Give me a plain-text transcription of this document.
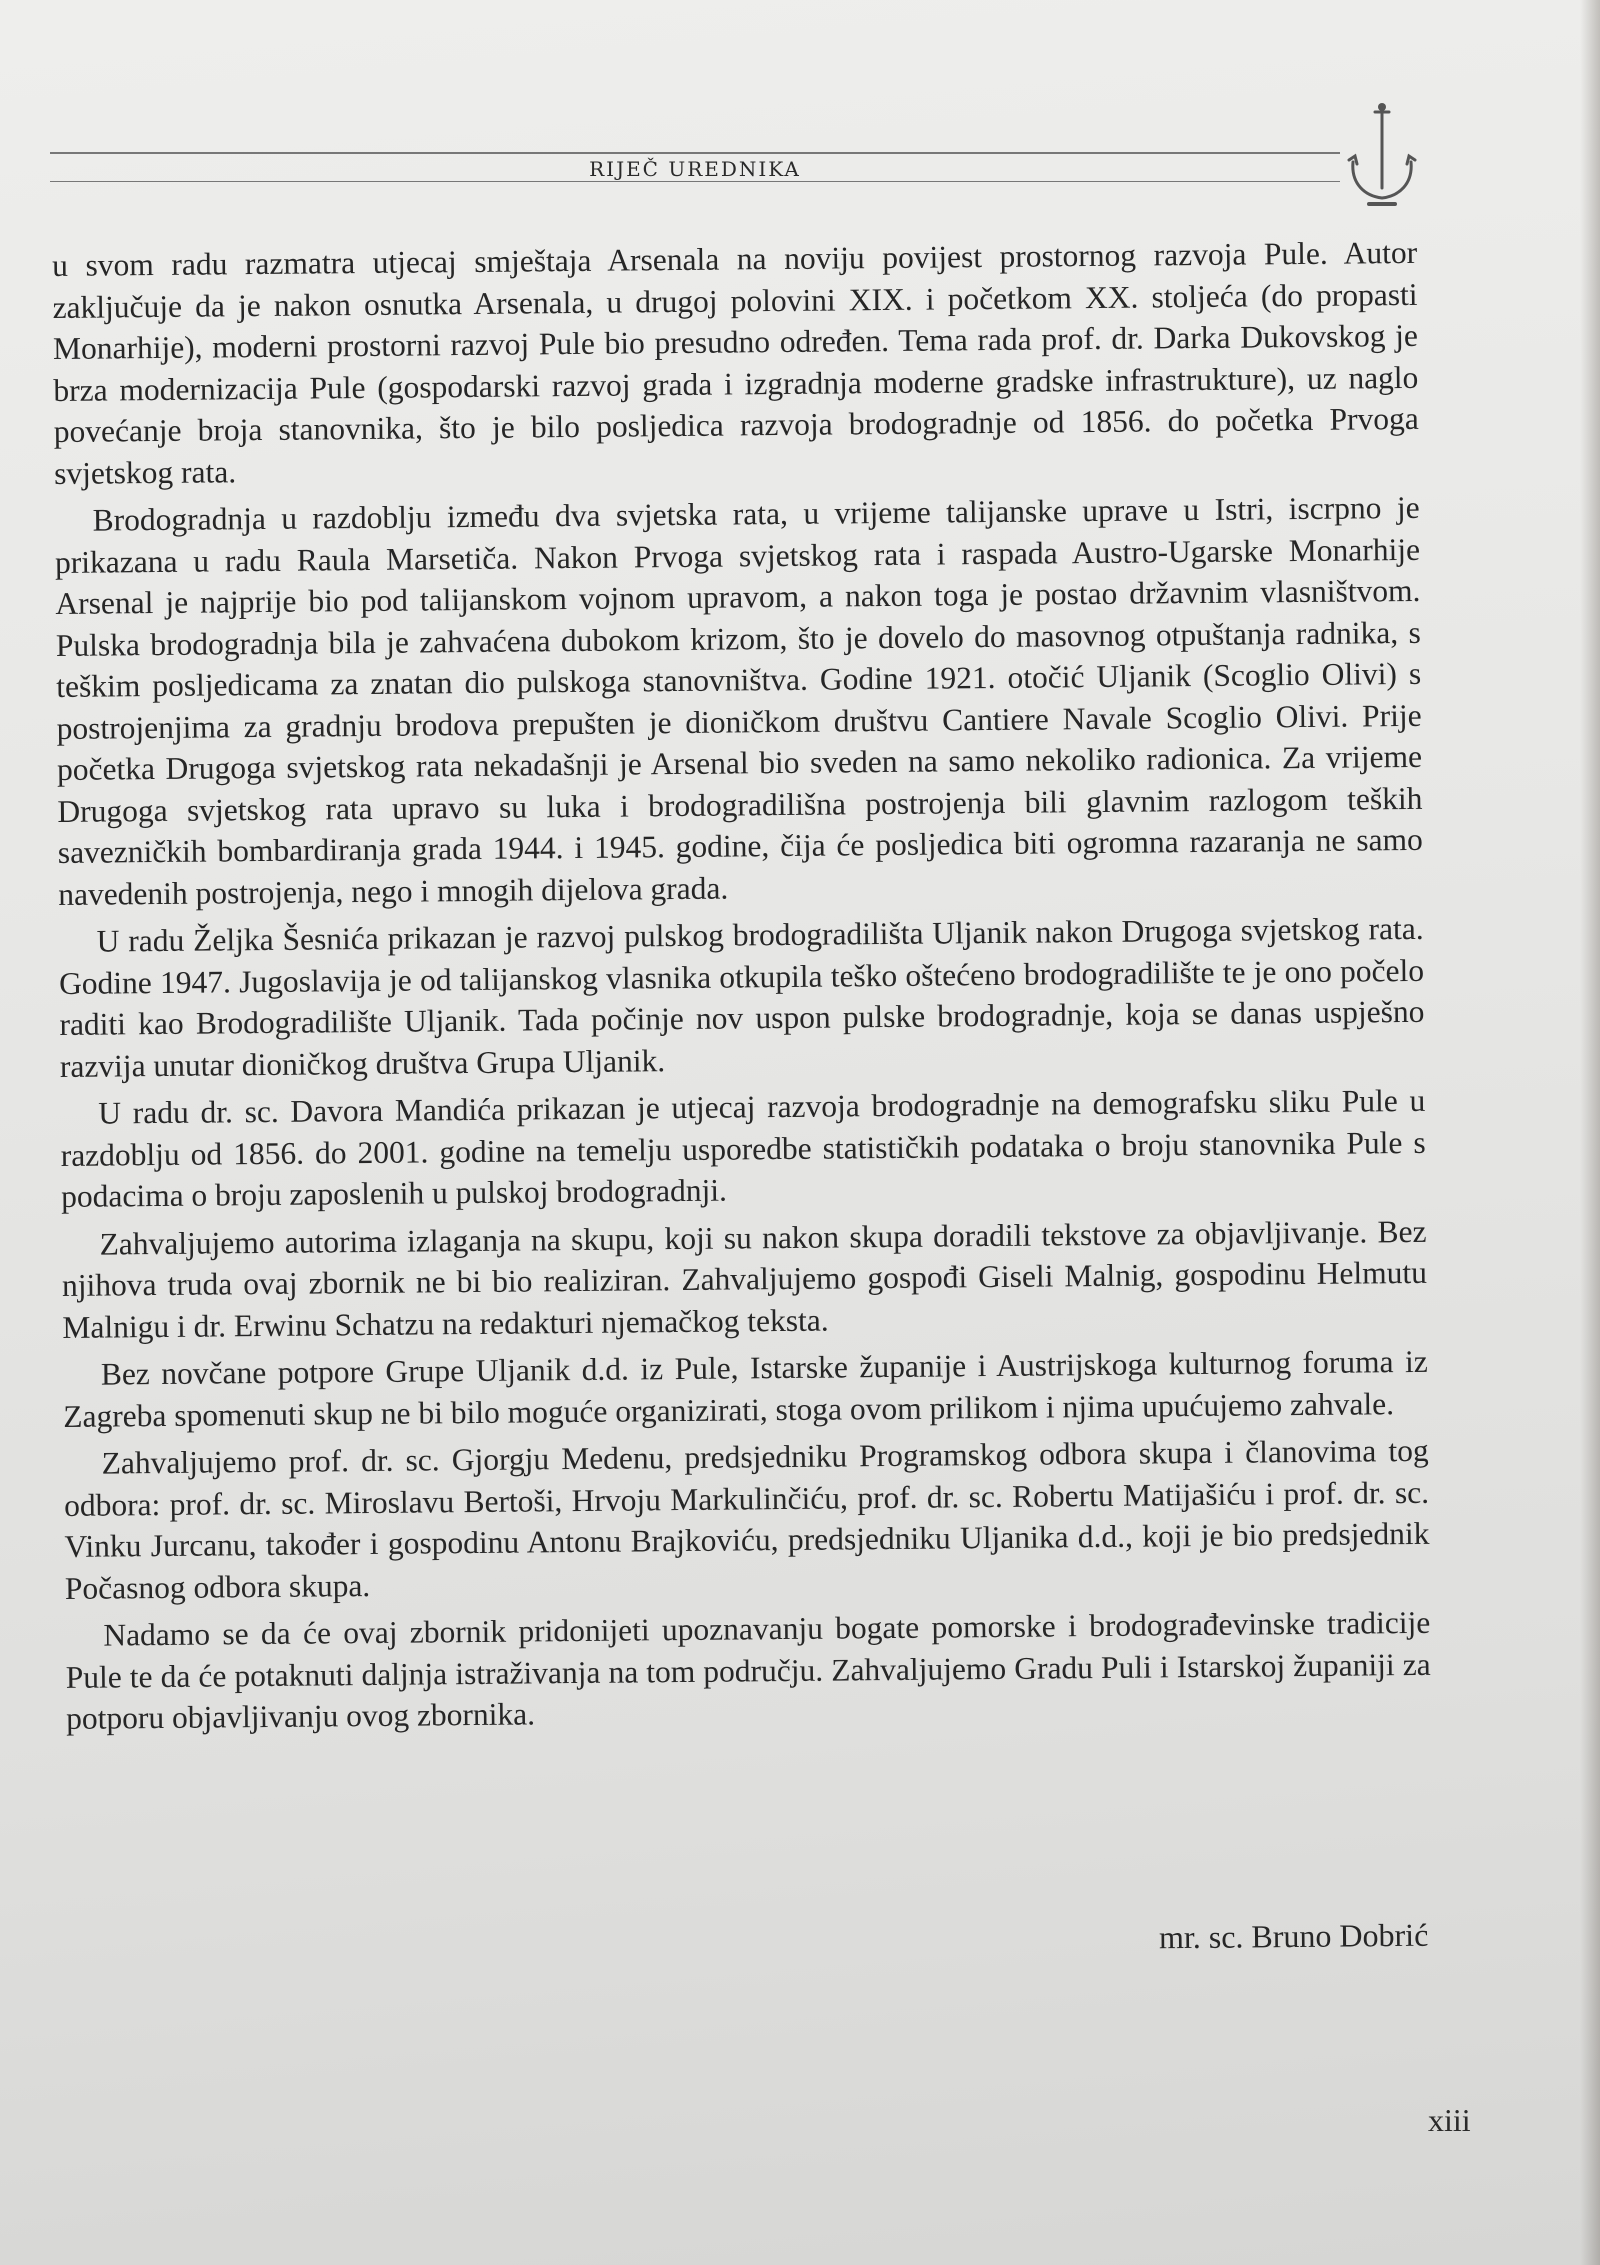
RIJEČ UREDNIKA

u svom radu razmatra utjecaj smještaja Arsenala na noviju povijest prostornog razvoja Pule. Autor zaključuje da je nakon osnutka Arsenala, u drugoj polovini XIX. i početkom XX. stoljeća (do propasti Monarhije), moderni prostorni razvoj Pule bio presudno određen. Tema rada prof. dr. Darka Dukovskog je brza modernizacija Pule (gospodarski razvoj grada i izgradnja moderne gradske infrastrukture), uz naglo povećanje broja stanovnika, što je bilo posljedica razvoja brodogradnje od 1856. do početka Prvoga svjetskog rata.

Brodogradnja u razdoblju između dva svjetska rata, u vrijeme talijanske uprave u Istri, iscrpno je prikazana u radu Raula Marsetiča. Nakon Prvoga svjetskog rata i raspada Austro-Ugarske Monarhije Arsenal je najprije bio pod talijanskom vojnom upravom, a nakon toga je postao državnim vlasništvom. Pulska brodogradnja bila je zahvaćena dubokom krizom, što je dovelo do masovnog otpuštanja radnika, s teškim posljedicama za znatan dio pulskoga stanovništva. Godine 1921. otočić Uljanik (Scoglio Olivi) s postrojenjima za gradnju brodova prepušten je dioničkom društvu Cantiere Navale Scoglio Olivi. Prije početka Drugoga svjetskog rata nekadašnji je Arsenal bio sveden na samo nekoliko radionica. Za vrijeme Drugoga svjetskog rata upravo su luka i brodogradilišna postrojenja bili glavnim razlogom teških savezničkih bombardiranja grada 1944. i 1945. godine, čija će posljedica biti ogromna razaranja ne samo navedenih postrojenja, nego i mnogih dijelova grada.

U radu Željka Šesnića prikazan je razvoj pulskog brodogradilišta Uljanik nakon Drugoga svjetskog rata. Godine 1947. Jugoslavija je od talijanskog vlasnika otkupila teško oštećeno brodogradilište te je ono počelo raditi kao Brodogradilište Uljanik. Tada počinje nov uspon pulske brodogradnje, koja se danas uspješno razvija unutar dioničkog društva Grupa Uljanik.

U radu dr. sc. Davora Mandića prikazan je utjecaj razvoja brodogradnje na demografsku sliku Pule u razdoblju od 1856. do 2001. godine na temelju usporedbe statističkih podataka o broju stanovnika Pule s podacima o broju zaposlenih u pulskoj brodogradnji.

Zahvaljujemo autorima izlaganja na skupu, koji su nakon skupa doradili tekstove za objavljivanje. Bez njihova truda ovaj zbornik ne bi bio realiziran. Zahvaljujemo gospođi Giseli Malnig, gospodinu Helmutu Malnigu i dr. Erwinu Schatzu na redakturi njemačkog teksta.

Bez novčane potpore Grupe Uljanik d.d. iz Pule, Istarske županije i Austrijskoga kulturnog foruma iz Zagreba spomenuti skup ne bi bilo moguće organizirati, stoga ovom prilikom i njima upućujemo zahvale.

Zahvaljujemo prof. dr. sc. Gjorgju Medenu, predsjedniku Programskog odbora skupa i članovima tog odbora: prof. dr. sc. Miroslavu Bertoši, Hrvoju Markulinčiću, prof. dr. sc. Robertu Matijašiću i prof. dr. sc. Vinku Jurcanu, također i gospodinu Antonu Brajkoviću, predsjedniku Uljanika d.d., koji je bio predsjednik Počasnog odbora skupa.

Nadamo se da će ovaj zbornik pridonijeti upoznavanju bogate pomorske i brodograđevinske tradicije Pule te da će potaknuti daljnja istraživanja na tom području. Zahvaljujemo Gradu Puli i Istarskoj županiji za potporu objavljivanju ovog zbornika.

mr. sc. Bruno Dobrić
xiii
